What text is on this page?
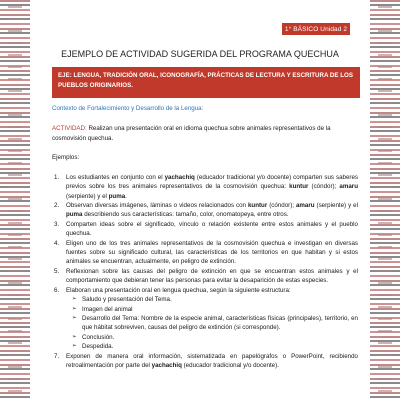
1° BÁSICO Unidad 2
EJEMPLO DE ACTIVIDAD SUGERIDA DEL PROGRAMA QUECHUA
EJE: LENGUA, TRADICIÓN ORAL, ICONOGRAFÍA, PRÁCTICAS DE LECTURA Y ESCRITURA DE LOS PUEBLOS ORIGINARIOS.
Contexto de Fortalecimiento y Desarrollo de la Lengua:
ACTIVIDAD: Realizan una presentación oral en idioma quechua sobre animales representativos de la cosmovisión quechua.
Ejemplos:
1. Los estudiantes en conjunto con el yachachiq (educador tradicional y/o docente) comparten sus saberes previos sobre los tres animales representativos de la cosmovisión quechua: kuntur (cóndor); amaru (serpiente) y el puma.
2. Observan diversas imágenes, láminas o videos relacionados con kuntur (cóndor); amaru (serpiente) y el puma describiendo sus características: tamaño, color, onomatopeya, entre otros.
3. Comparten ideas sobre el significado, vínculo o relación existente entre estos animales y el pueblo quechua.
4. Eligen uno de los tres animales representativos de la cosmovisión quechua e investigan en diversas fuentes sobre su significado cultural, las características de los territorios en que habitan y si estos animales se encuentran, actualmente, en peligro de extinción.
5. Reflexionan sobre las causas del peligro de extinción en que se encuentran estos animales y el comportamiento que debieran tener las personas para evitar la desaparición de estas especies.
6. Elaboran una presentación oral en lengua quechua, según la siguiente estructura:
➢ Saludo y presentación del Tema.
➢ Imagen del animal
➢ Desarrollo del Tema: Nombre de la especie animal, características físicas (principales), territorio, en que hábitat sobreviven, causas del peligro de extinción (si corresponde).
➢ Conclusión.
➢ Despedida.
7. Exponen de manera oral información, sistematizada en papelógrafos o PowerPoint, recibiendo retroalimentación por parte del yachachiq (educador tradicional y/o docente).
